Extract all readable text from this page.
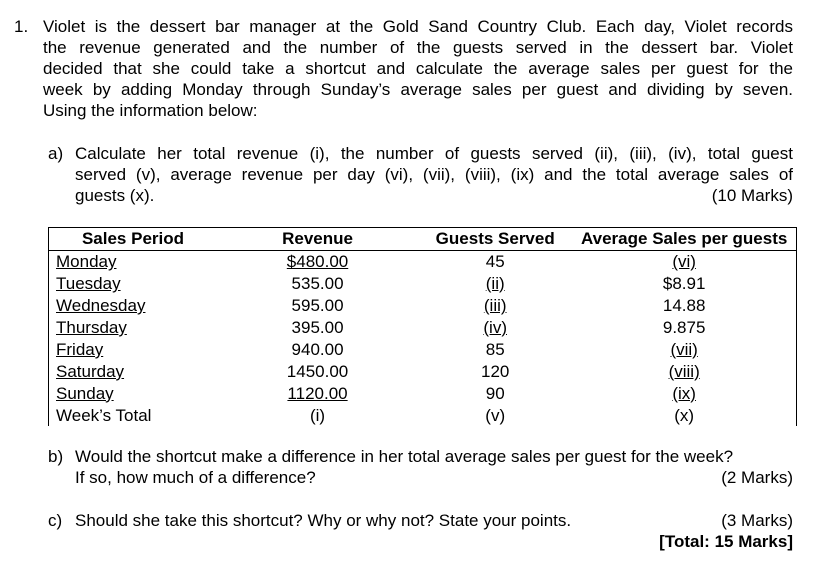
1. Violet is the dessert bar manager at the Gold Sand Country Club. Each day, Violet records
the revenue generated and the number of the guests served in the dessert bar. Violet
decided that she could take a shortcut and calculate the average sales per guest for the
week by adding Monday through Sunday’s average sales per guest and dividing by seven.
Using the information below:
a) Calculate her total revenue (i), the number of guests served (ii), (iii), (iv), total guest
served (v), average revenue per day (vi), (vii), (viii), (ix) and the total average sales of
guests (x).	(10 Marks)
Sales Period	Revenue	Guests Served	Average Sales per guests
Monday	$480.00	45	(vi)
Tuesday	535.00	(ii)	$8.91
Wednesday	595.00	(iii)	14.88
Thursday	395.00	(iv)	9.875
Friday	940.00	85	(vii)
Saturday	1450.00	120	(viii)
Sunday	1120.00	90	(ix)
Week’s Total	(i)	(v)	(x)
b) Would the shortcut make a difference in her total average sales per guest for the week?
If so, how much of a difference?	(2 Marks)
c) Should she take this shortcut? Why or why not? State your points.	(3 Marks)
[Total: 15 Marks]
